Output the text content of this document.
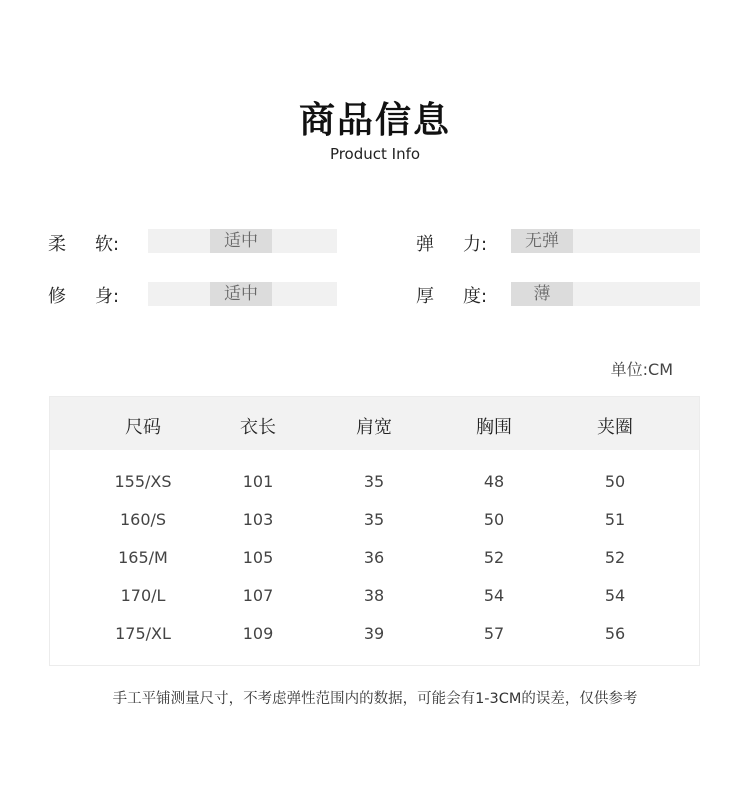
商品信息
Product Info
柔	软:	适中	弹	力:	无弹
修	身:	适中	厚	度:	薄
单位:CM
尺码	衣长	肩宽	胸围	夹圈
155/XS	101	35	48	50
160/S	103	35	50	51
165/M	105	36	52	52
170/L	107	38	54	54
175/XL	109	39	57	56
手工平铺测量尺寸，不考虑弹性范围内的数据，可能会有1-3CM的误差，仅供参考
